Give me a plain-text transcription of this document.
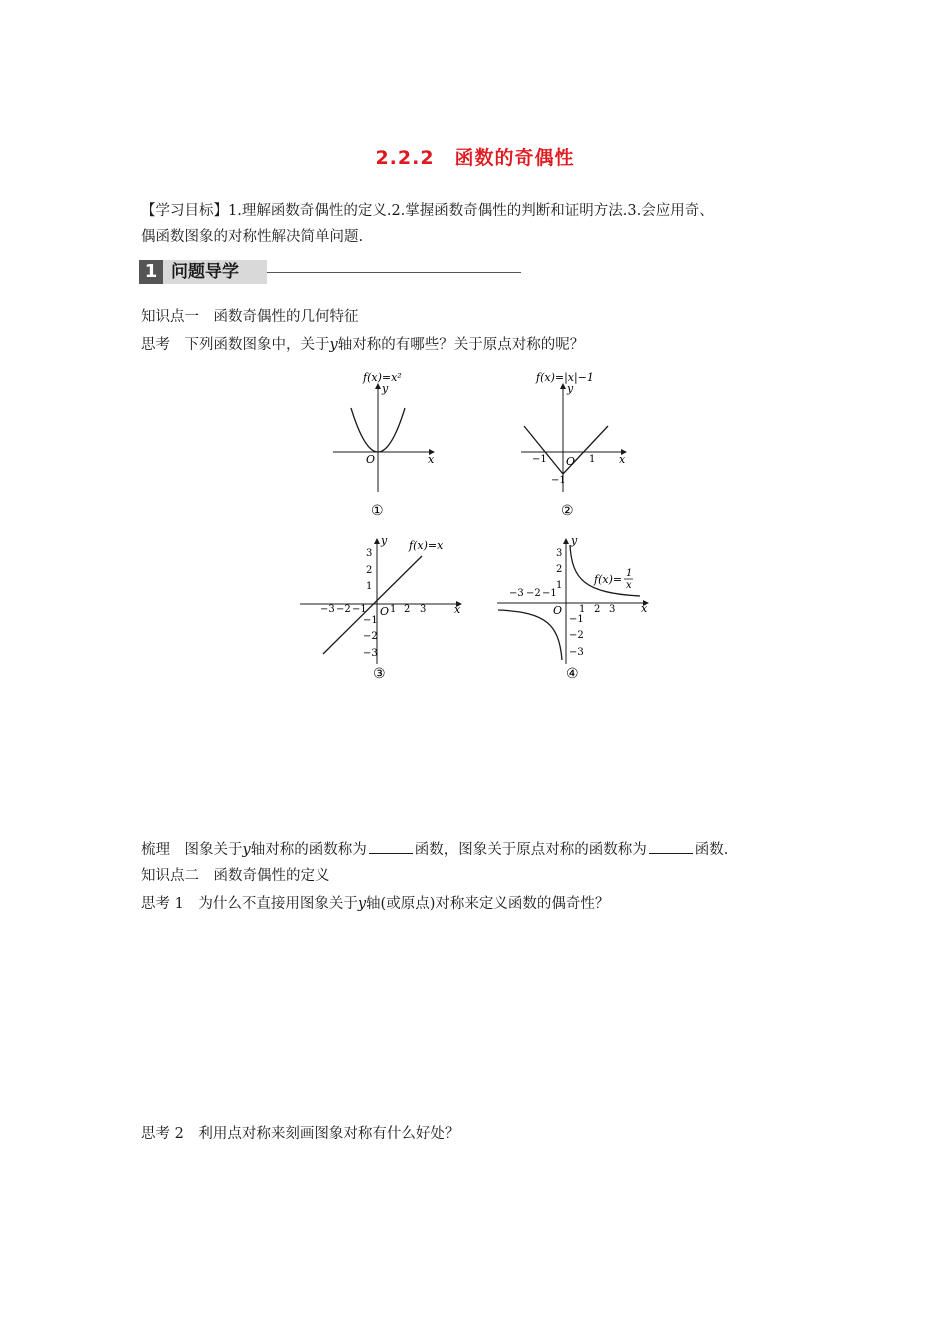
2.2.2　函数的奇偶性
【学习目标】1.理解函数奇偶性的定义.2.掌握函数奇偶性的判断和证明方法.3.会应用奇、
偶函数图象的对称性解决简单问题.
1 问题导学
知识点一　函数奇偶性的几何特征
思考　下列函数图象中，关于y轴对称的有哪些？关于原点对称的呢？
f(x)=x²
y
x
O
①
f(x)=|x|−1
y
x
O
−1	1
−1
②
f(x)=x
y
x
O
−3 −2 −1 1 2 3
3
2
1
−1
−2
−3
③
f(x)= 1
x
y
x
O
−3 −2 −1
1 2 3
3
2
1
−1
−2
−3
④
梳理　图象关于y轴对称的函数称为	函数，图象关于原点对称的函数称为	函数.
知识点二　函数奇偶性的定义
思考 1　为什么不直接用图象关于y轴(或原点)对称来定义函数的偶奇性？
思考 2　利用点对称来刻画图象对称有什么好处？
